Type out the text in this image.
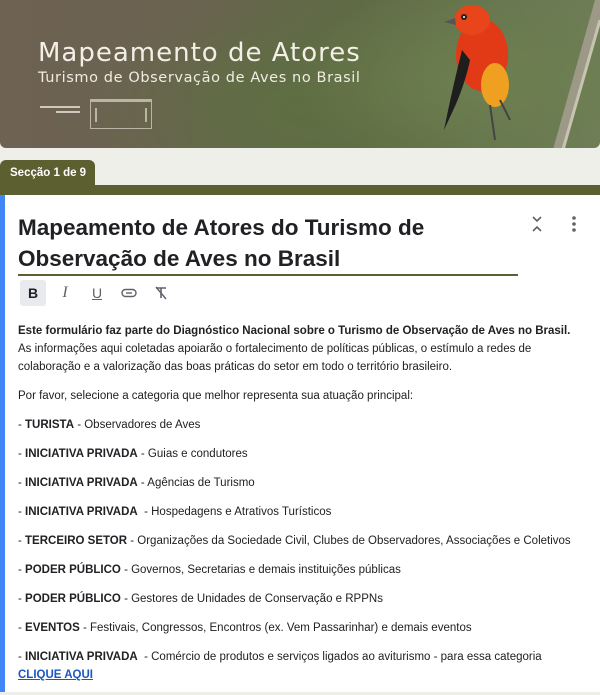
Mapeamento de Atores
Turismo de Observação de Aves no Brasil
Secção 1 de 9
Mapeamento de Atores do Turismo de Observação de Aves no Brasil
B	I	U

Este formulário faz parte do Diagnóstico Nacional sobre o Turismo de Observação de Aves no Brasil.
As informações aqui coletadas apoiarão o fortalecimento de políticas públicas, o estímulo a redes de colaboração e a valorização das boas práticas do setor em todo o território brasileiro.

Por favor, selecione a categoria que melhor representa sua atuação principal:

- TURISTA - Observadores de Aves

- INICIATIVA PRIVADA - Guias e condutores

- INICIATIVA PRIVADA - Agências de Turismo

- INICIATIVA PRIVADA  - Hospedagens e Atrativos Turísticos

- TERCEIRO SETOR - Organizações da Sociedade Civil, Clubes de Observadores, Associações e Coletivos

- PODER PÚBLICO - Governos, Secretarias e demais instituições públicas

- PODER PÚBLICO - Gestores de Unidades de Conservação e RPPNs

- EVENTOS - Festivais, Congressos, Encontros (ex. Vem Passarinhar) e demais eventos

- INICIATIVA PRIVADA  - Comércio de produtos e serviços ligados ao aviturismo - para essa categoria CLIQUE AQUI
